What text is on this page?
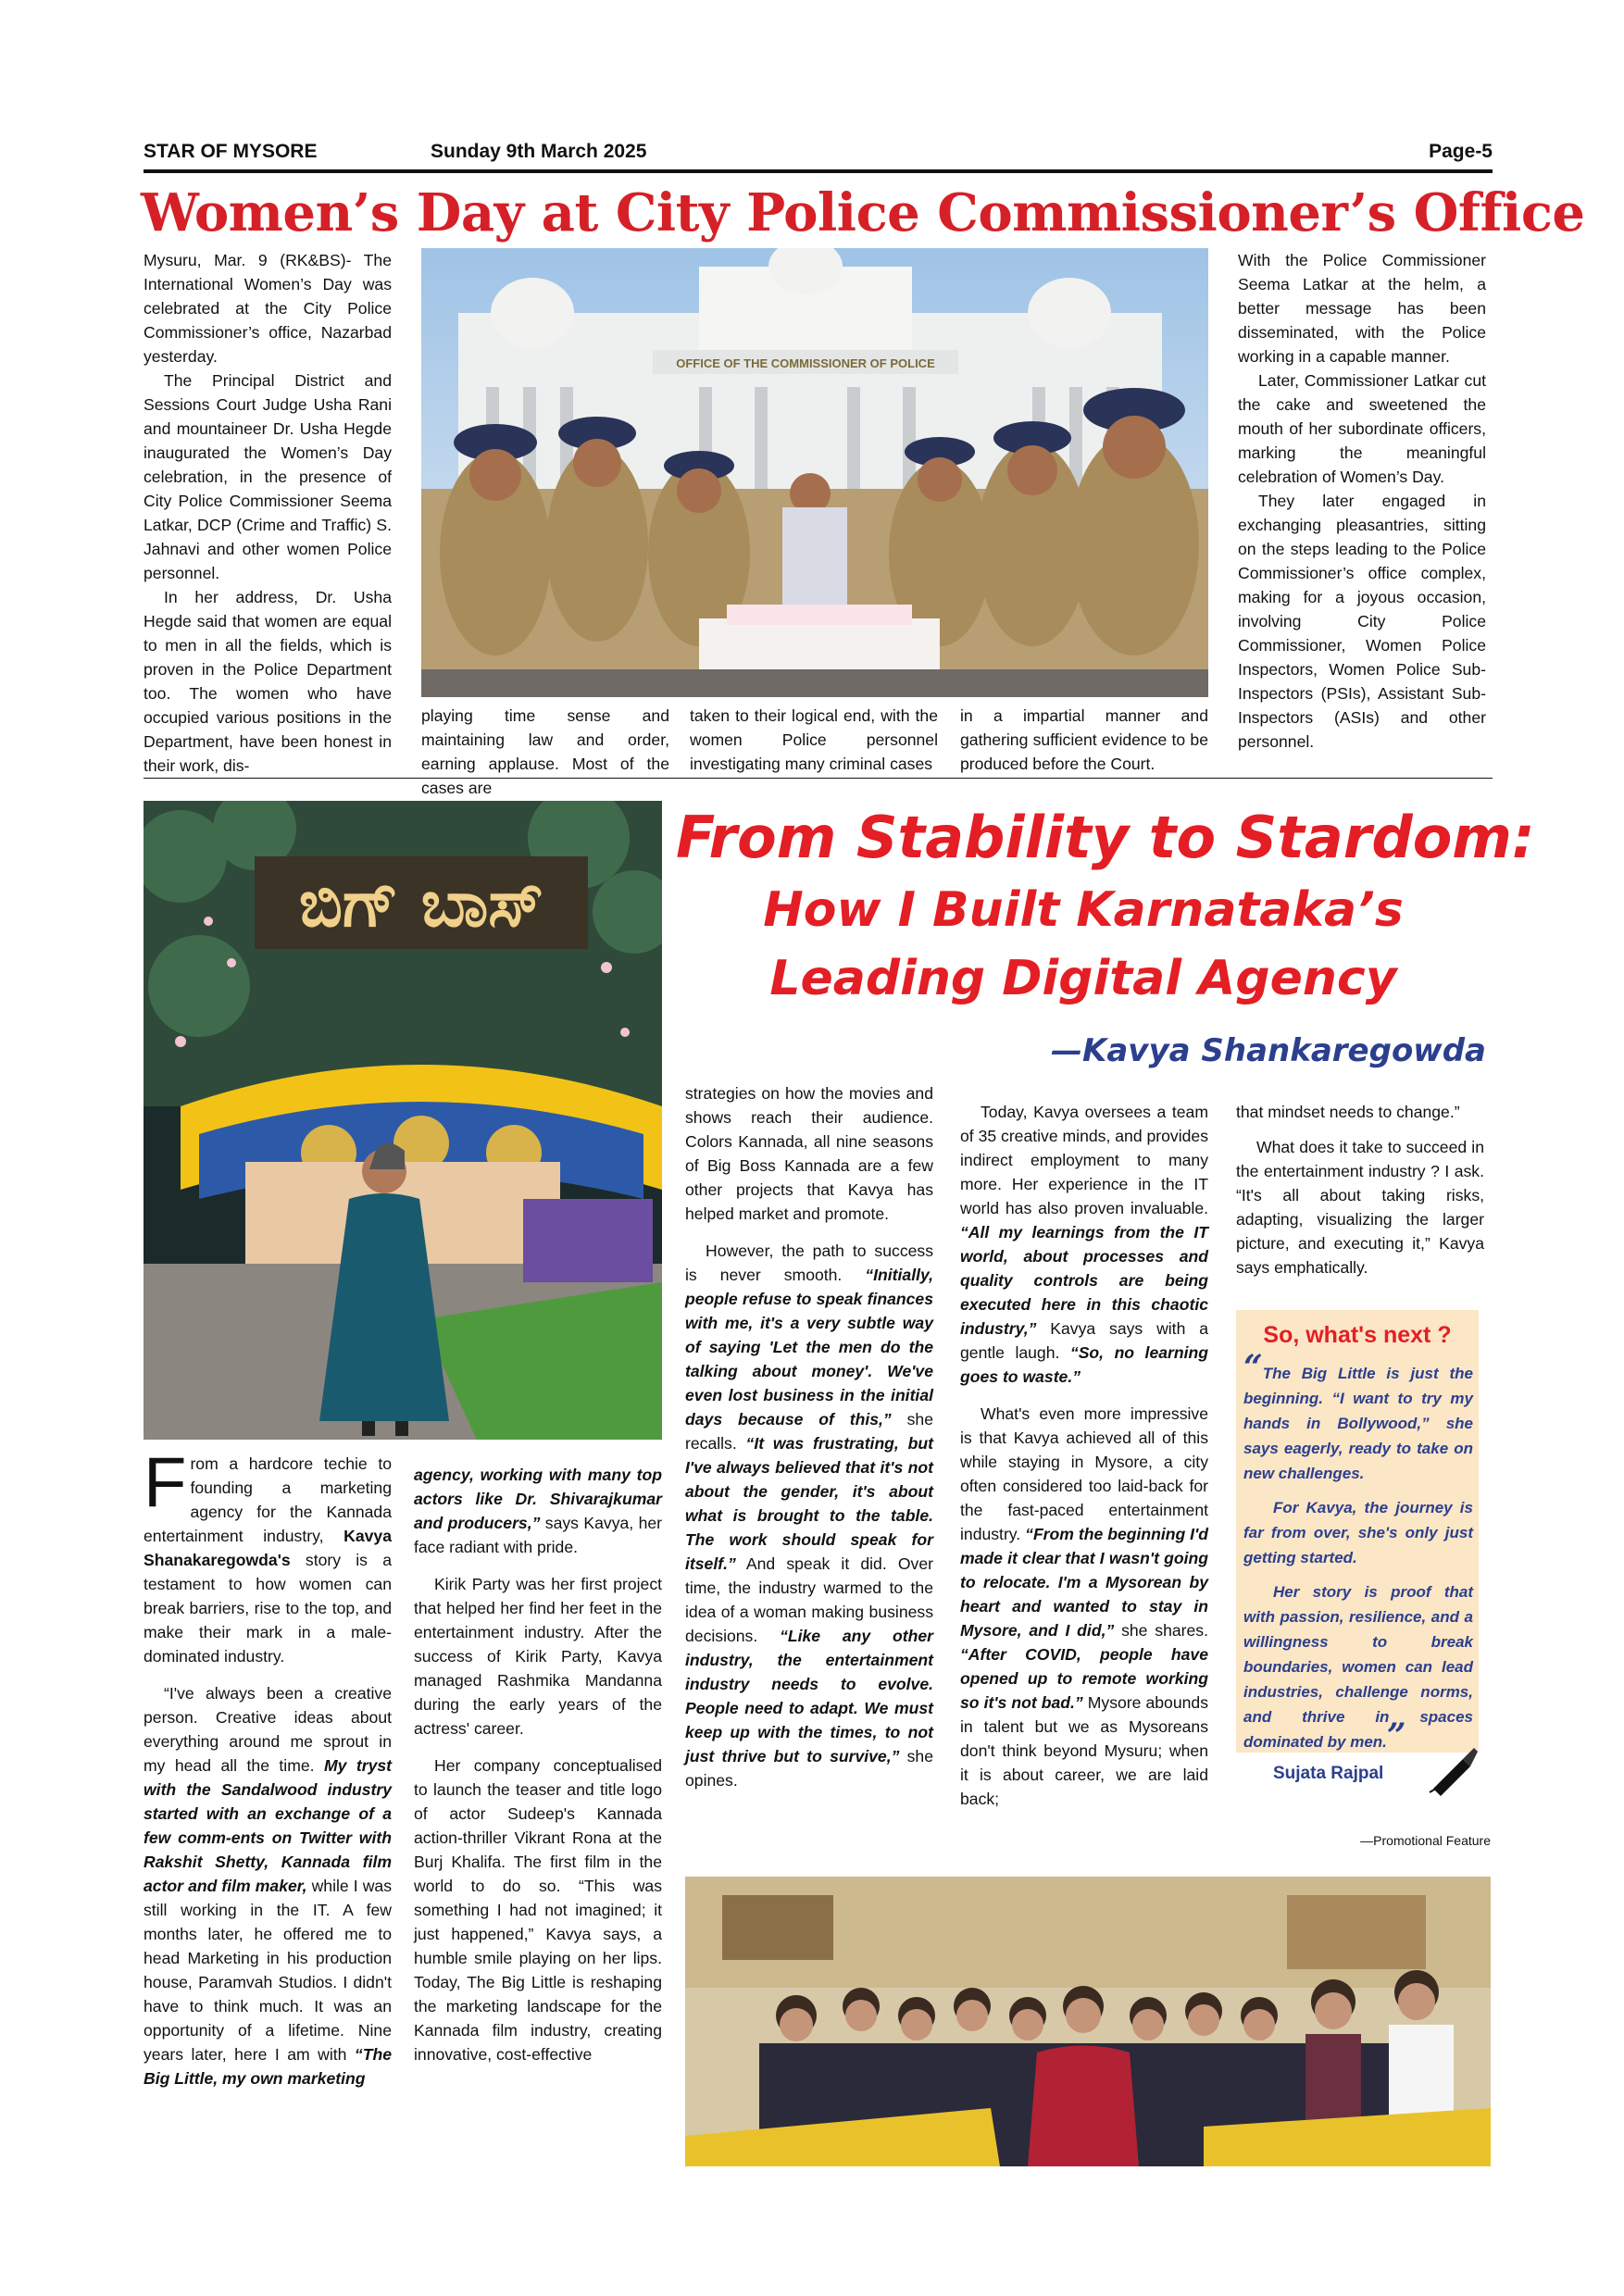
STAR OF MYSORE	Sunday 9th March 2025	Page-5
Women’s Day at City Police Commissioner’s Office

Mysuru, Mar. 9 (RK&BS)- The International Women’s Day was celebrated at the City Police Commissioner’s office, Nazarbad yesterday.

The Principal District and Sessions Court Judge Usha Rani and mountaineer Dr. Usha Hegde inaugurated the Women’s Day celebration, in the presence of City Police Commissioner Seema Latkar, DCP (Crime and Traffic) S. Jahnavi and other women Police personnel.

In her address, Dr. Usha Hegde said that women are equal to men in all the fields, which is proven in the Police Department too. The women who have occupied various positions in the Department, have been honest in their work, dis-

OFFICE OF THE COMMISSIONER OF POLICE

playing time sense and maintaining law and order, earning applause. Most of the cases are

taken to their logical end, with the women Police personnel investigating many criminal cases

in a impartial manner and gathering sufficient evidence to be produced before the Court.

With the Police Commissioner Seema Latkar at the helm, a better message has been disseminated, with the Police working in a capable manner.

Later, Commissioner Latkar cut the cake and sweetened the mouth of her subordinate officers, marking the meaningful celebration of Women’s Day.

They later engaged in exchanging pleasantries, sitting on the steps leading to the Police Commissioner’s office complex, making for a joyous occasion, involving City Police Commissioner, Women Police Inspectors, Women Police Sub-Inspectors (PSIs), Assistant Sub-Inspectors (ASIs) and other personnel.

ಬಿಗ್ ಬಾಸ್
From Stability to Stardom:
How I Built Karnataka’s
Leading Digital Agency
—Kavya Shankaregowda

From a hardcore techie to founding a marketing agency for the Kannada entertainment industry, Kavya Shanakaregowda's story is a testament to how women can break barriers, rise to the top, and make their mark in a male-dominated industry.

“I've always been a creative person. Creative ideas about everything around me sprout in my head all the time. My tryst with the Sandalwood industry started with an exchange of a few comm-ents on Twitter with Rakshit Shetty, Kannada film actor and film maker, while I was still working in the IT. A few months later, he offered me to head Marketing in his production house, Paramvah Studios. I didn't have to think much. It was an opportunity of a lifetime. Nine years later, here I am with “The Big Little, my own marketing

agency, working with many top actors like Dr. Shivarajkumar and producers,” says Kavya, her face radiant with pride.

Kirik Party was her first project that helped her find her feet in the entertainment industry. After the success of Kirik Party, Kavya managed Rashmika Mandanna during the early years of the actress' career.

Her company conceptualised to launch the teaser and title logo of actor Sudeep's Kannada action-thriller Vikrant Rona at the Burj Khalifa. The first film in the world to do so. “This was something I had not imagined; it just happened,” Kavya says, a humble smile playing on her lips. Today, The Big Little is reshaping the marketing landscape for the Kannada film industry, creating innovative, cost-effective

strategies on how the movies and shows reach their audience. Colors Kannada, all nine seasons of Big Boss Kannada are a few other projects that Kavya has helped market and promote.

However, the path to success is never smooth. “Initially, people refuse to speak finances with me, it's a very subtle way of saying 'Let the men do the talking about money'. We've even lost business in the initial days because of this,” she recalls. “It was frustrating, but I've always believed that it's not about the gender, it's about what is brought to the table. The work should speak for itself.” And speak it did. Over time, the industry warmed to the idea of a woman making business decisions. “Like any other industry, the entertainment industry needs to evolve. People need to adapt. We must keep up with the times, to not just thrive but to survive,” she opines.

Today, Kavya oversees a team of 35 creative minds, and provides indirect employment to many more. Her experience in the IT world has also proven invaluable. “All my learnings from the IT world, about processes and quality controls are being executed here in this chaotic industry,” Kavya says with a gentle laugh. “So, no learning goes to waste.”

What's even more impressive is that Kavya achieved all of this while staying in Mysore, a city often considered too laid-back for the fast-paced entertainment industry. “From the beginning I'd made it clear that I wasn't going to relocate. I'm a Mysorean by heart and wanted to stay in Mysore, and I did,” she shares. “After COVID, people have opened up to remote working so it's not bad.” Mysore abounds in talent but we as Mysoreans don't think beyond Mysuru; when it is about career, we are laid back;

that mindset needs to change.”

What does it take to succeed in the entertainment industry ? I ask. “It's all about taking risks, adapting, visualizing the larger picture, and executing it,” Kavya says emphatically.

So, what's next ?

“The Big Little is just the beginning. “I want to try my hands in Bollywood,” she says eagerly, ready to take on new challenges.

For Kavya, the journey is far from over, she's only just getting started.

Her story is proof that with passion, resilience, and a willingness to break boundaries, women can lead industries, challenge norms, and thrive in spaces dominated by men.”

Sujata Rajpal
—Promotional Feature
